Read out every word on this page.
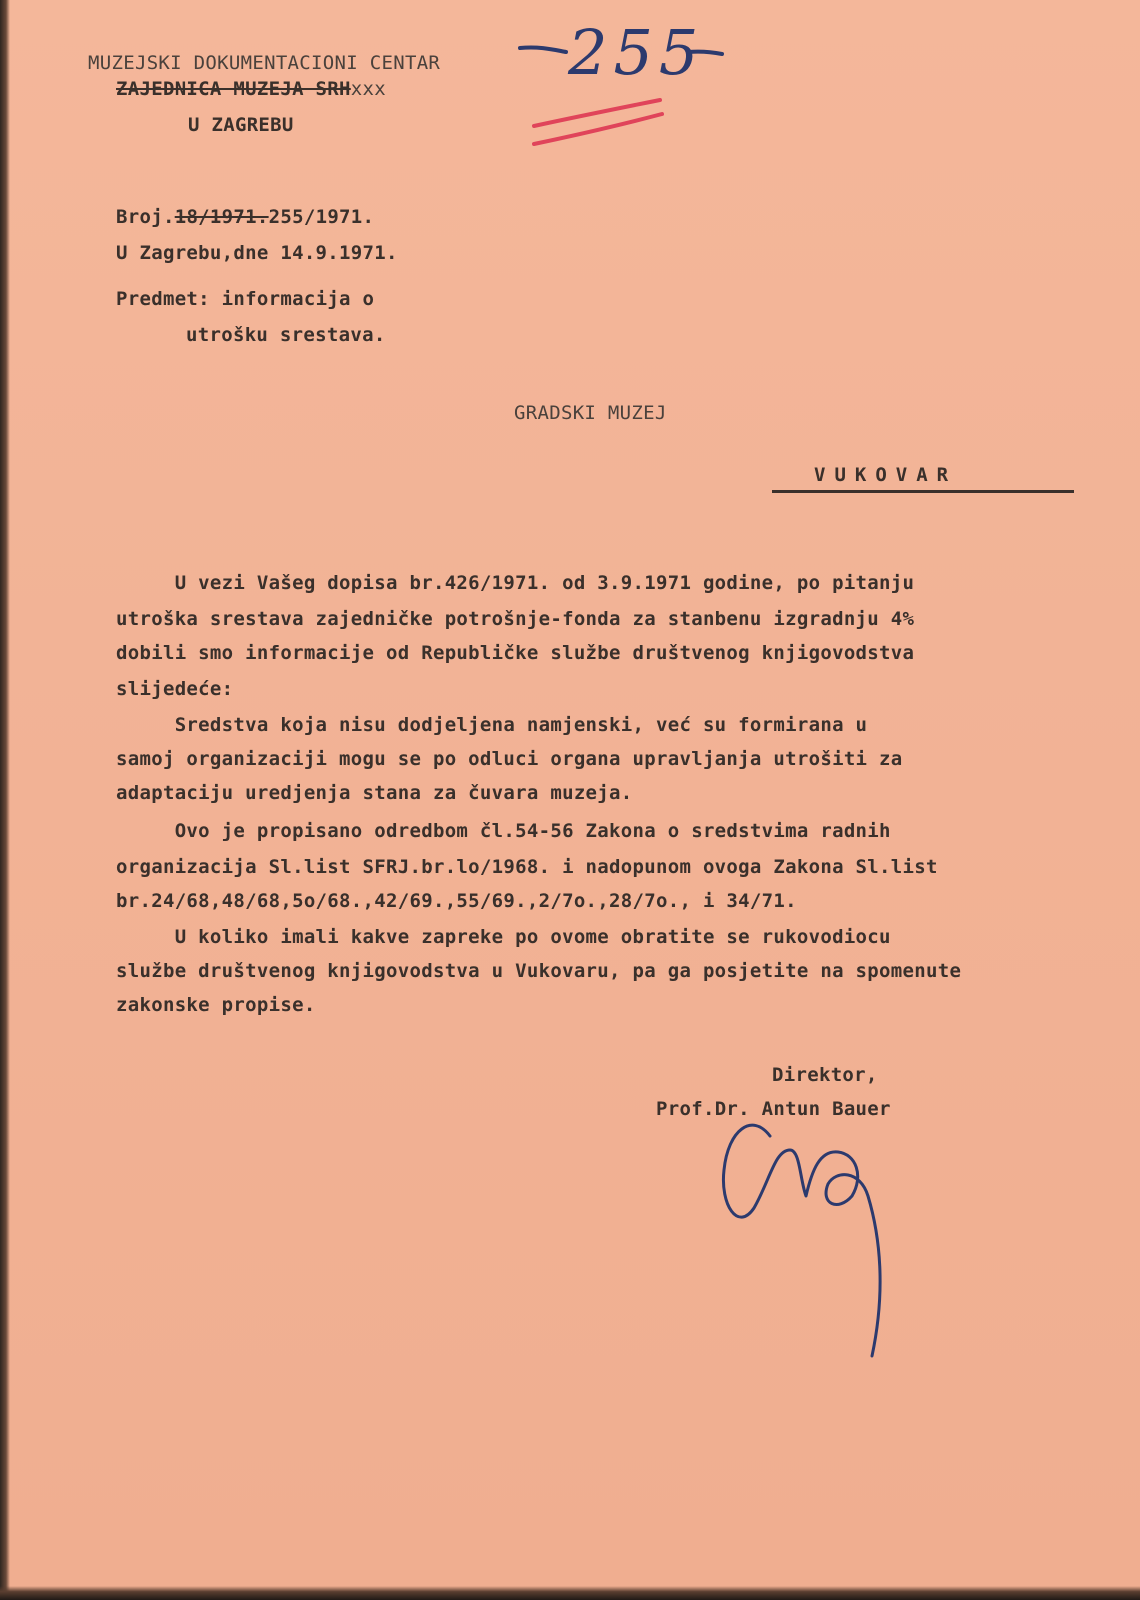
MUZEJSKI DOKUMENTACIONI CENTAR

ZAJEDNICA MUZEJA SRHxxx

U ZAGREBU

255

Broj.18/1971.255/1971.

U Zagrebu,dne 14.9.1971.

Predmet: informacija o

utrošku srestava.

GRADSKI MUZEJ

VUKOVAR

U vezi Vašeg dopisa br.426/1971. od 3.9.1971 godine, po pitanju

utroška srestava zajedničke potrošnje-fonda za stanbenu izgradnju 4%

dobili smo informacije od Republičke službe društvenog knjigovodstva

slijedeće:

Sredstva koja nisu dodjeljena namjenski, već su formirana u

samoj organizaciji mogu se po odluci organa upravljanja utrošiti za

adaptaciju uredjenja stana za čuvara muzeja.

Ovo je propisano odredbom čl.54-56 Zakona o sredstvima radnih

organizacija Sl.list SFRJ.br.lo/1968. i nadopunom ovoga Zakona Sl.list

br.24/68,48/68,5o/68.,42/69.,55/69.,2/7o.,28/7o., i 34/71.

U koliko imali kakve zapreke po ovome obratite se rukovodiocu

službe društvenog knjigovodstva u Vukovaru, pa ga posjetite na spomenute

zakonske propise.

Direktor,

Prof.Dr. Antun Bauer
